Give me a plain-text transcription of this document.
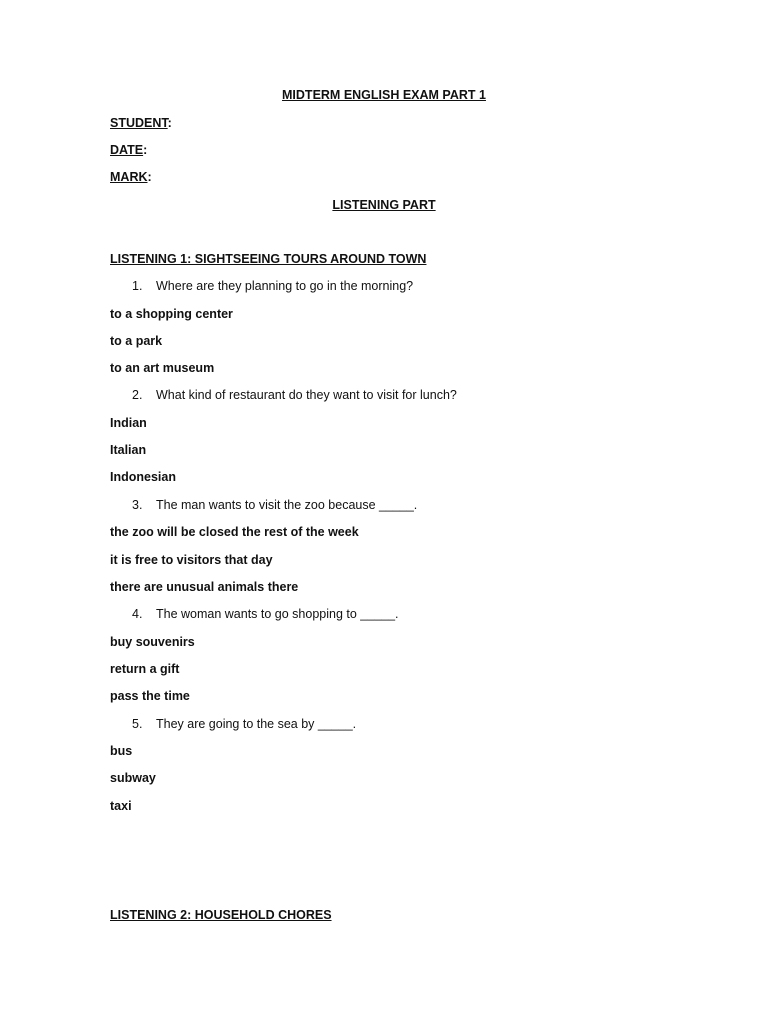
MIDTERM ENGLISH EXAM PART 1
STUDENT:
DATE:
MARK:
LISTENING PART
LISTENING 1: SIGHTSEEING TOURS AROUND TOWN
1. Where are they planning to go in the morning?
to a shopping center
to a park
to an art museum
2. What kind of restaurant do they want to visit for lunch?
Indian
Italian
Indonesian
3. The man wants to visit the zoo because _____.
the zoo will be closed the rest of the week
it is free to visitors that day
there are unusual animals there
4. The woman wants to go shopping to _____.
buy souvenirs
return a gift
pass the time
5. They are going to the sea by _____.
bus
subway
taxi
LISTENING 2: HOUSEHOLD CHORES
